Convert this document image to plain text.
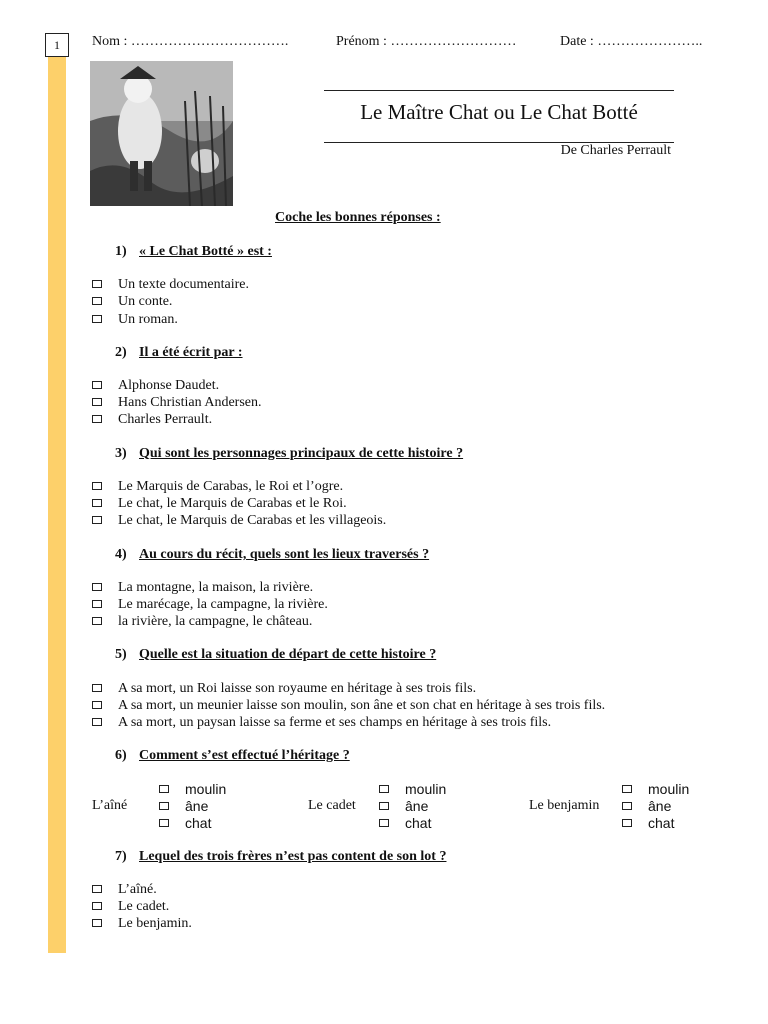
1	Nom : …………………………….	Prénom : ………………………	Date : …………………..
Le Maître Chat ou Le Chat Botté
De Charles Perrault
Coche les bonnes réponses :
1) « Le Chat Botté » est :
Un texte documentaire.
Un conte.
Un roman.
2) Il a été écrit par :
Alphonse Daudet.
Hans Christian Andersen.
Charles Perrault.
3) Qui sont les personnages principaux de cette histoire ?
Le Marquis de Carabas, le Roi et l’ogre.
Le chat, le Marquis de Carabas et le Roi.
Le chat, le Marquis de Carabas et les villageois.
4) Au cours du récit, quels sont les lieux traversés ?
La montagne, la maison, la rivière.
Le marécage, la campagne, la rivière.
la rivière, la campagne, le château.
5) Quelle est la situation de départ de cette histoire ?
A sa mort, un Roi laisse son royaume en héritage à ses trois fils.
A sa mort, un meunier laisse son moulin, son âne et son chat en héritage à ses trois fils.
A sa mort, un paysan laisse sa ferme et ses champs en héritage à ses trois fils.
6) Comment s’est effectué l’héritage ?
L’aîné
moulin
âne
chat
Le cadet
moulin
âne
chat
Le benjamin
moulin
âne
chat
7) Lequel des trois frères n’est pas content de son lot ?
L’aîné.
Le cadet.
Le benjamin.
